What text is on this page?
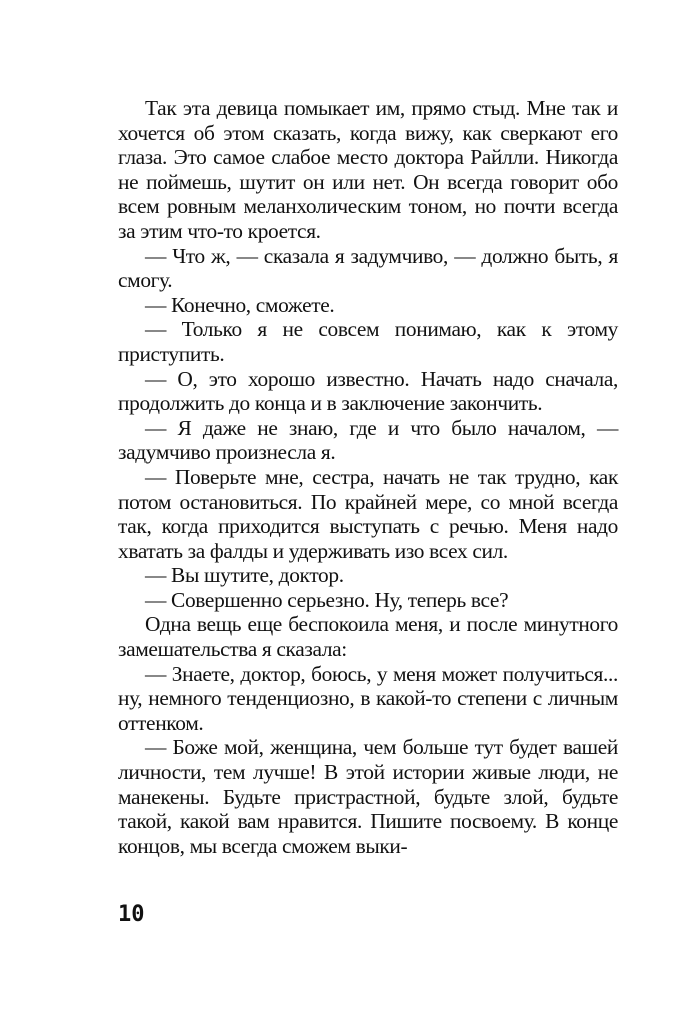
Так эта девица помыкает им, прямо стыд. Мне так и хочется об этом сказать, когда вижу, как сверкают его глаза. Это самое слабое место доктора Райлли. Никогда не поймешь, шутит он или нет. Он всегда говорит обо всем ровным меланхолическим тоном, но почти всегда за этим что-то кроется.

— Что ж, — сказала я задумчиво, — должно быть, я смогу.

— Конечно, сможете.

— Только я не совсем понимаю, как к этому приступить.

— О, это хорошо известно. Начать надо сначала, продолжить до конца и в заключение закончить.

— Я даже не знаю, где и что было началом, — задумчиво произнесла я.

— Поверьте мне, сестра, начать не так трудно, как потом остановиться. По крайней мере, со мной всегда так, когда приходится выступать с речью. Меня надо хватать за фалды и удерживать изо всех сил.

— Вы шутите, доктор.

— Совершенно серьезно. Ну, теперь все?

Одна вещь еще беспокоила меня, и после минутного замешательства я сказала:

— Знаете, доктор, боюсь, у меня может получиться... ну, немного тенденциозно, в какой-то степени с личным оттенком.

— Боже мой, женщина, чем больше тут будет вашей личности, тем лучше! В этой истории живые люди, не манекены. Будьте пристрастной, будьте злой, будьте такой, какой вам нравится. Пишите посвоему. В конце концов, мы всегда сможем выки-

10
